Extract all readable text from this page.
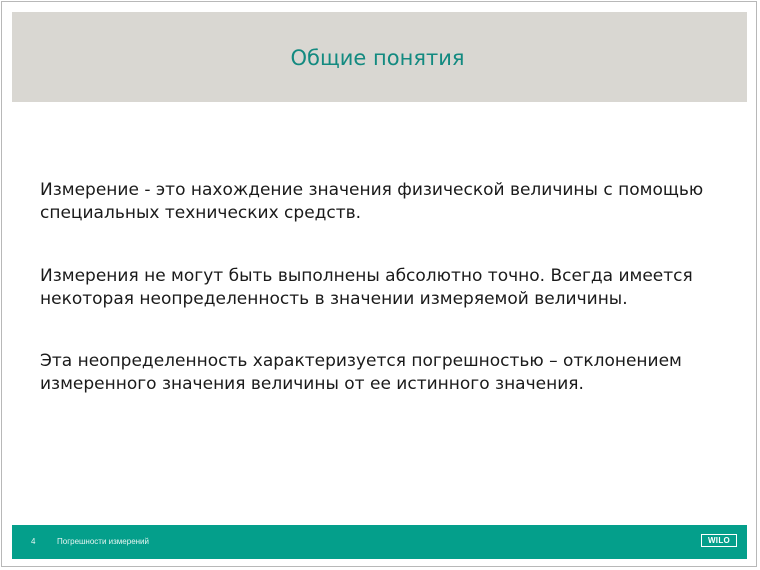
Общие понятия
Измерение - это нахождение значения физической величины с помощью
специальных технических средств.
Измерения не могут быть выполнены абсолютно точно. Всегда имеется
некоторая неопределенность в значении измеряемой величины.
Эта неопределенность характеризуется погрешностью – отклонением
измеренного значения величины от ее истинного значения.
4	Погрешности измерений	WILO
